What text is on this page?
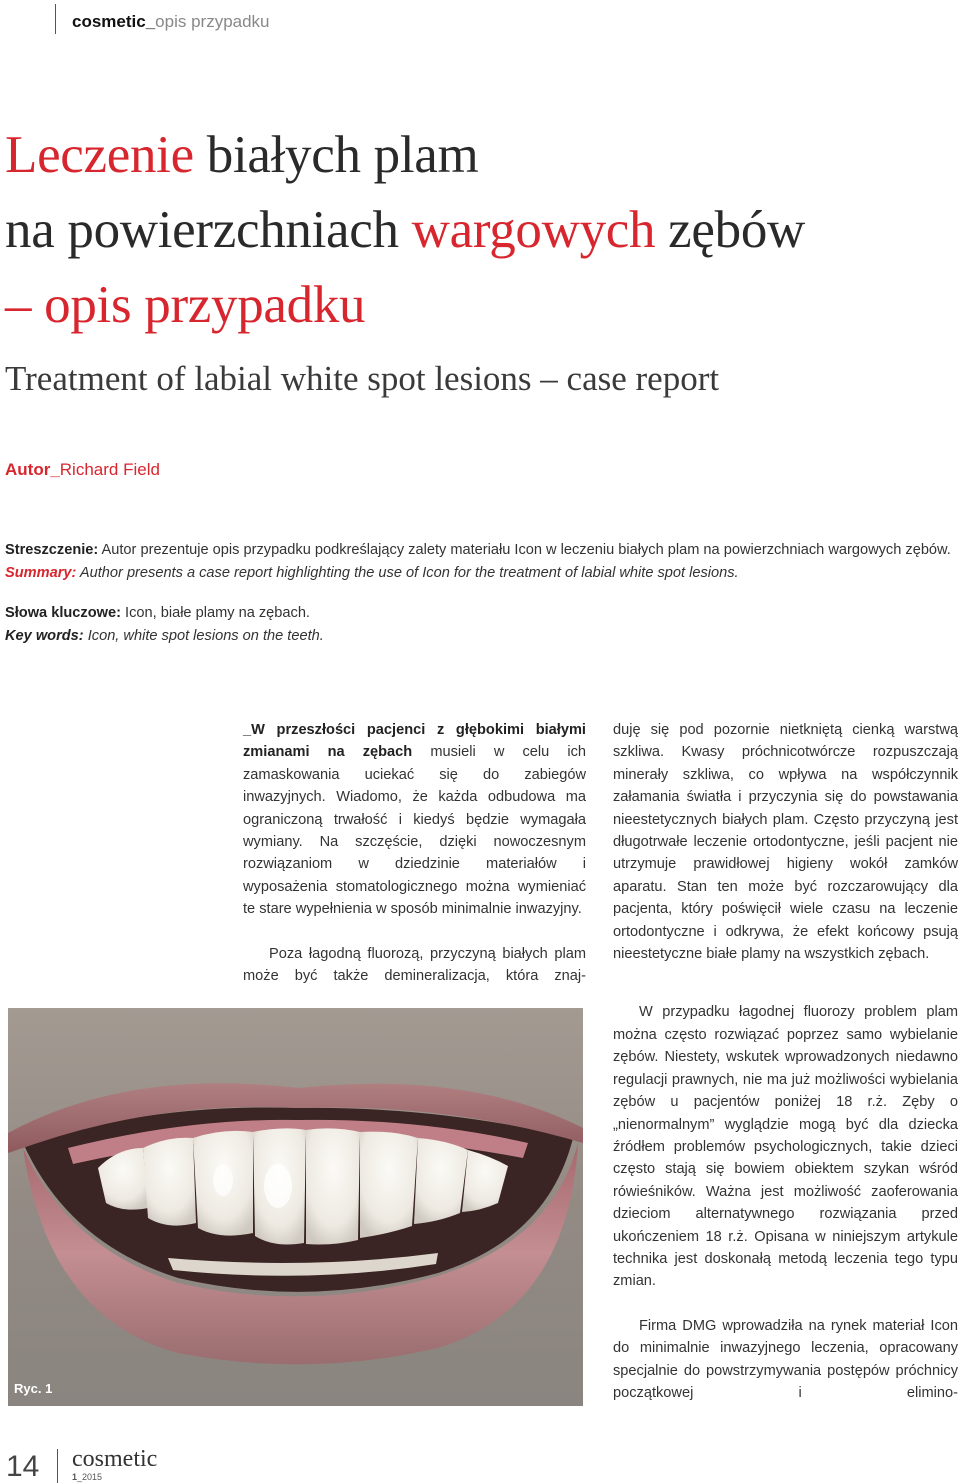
cosmetic_opis przypadku
Leczenie białych plam
na powierzchniach wargowych zębów
– opis przypadku
Treatment of labial white spot lesions – case report
Autor_Richard Field

Streszczenie: Autor prezentuje opis przypadku podkreślający zalety materiału Icon w leczeniu białych plam na powierzchniach wargowych zębów.

Summary: Author presents a case report highlighting the use of Icon for the treatment of labial white spot lesions.

Słowa kluczowe: Icon, białe plamy na zębach.

Key words: Icon, white spot lesions on the teeth.

_W przeszłości pacjenci z głębokimi białymi zmianami na zębach musieli w celu ich zamaskowania uciekać się do zabiegów inwazyjnych. Wiadomo, że każda odbudowa ma ograniczoną trwałość i kiedyś będzie wymagała wymiany. Na szczęście, dzięki nowoczesnym rozwiązaniom w dziedzinie materiałów i wyposażenia stomatologicznego można wymieniać te stare wypełnienia w sposób minimalnie inwazyjny.

Poza łagodną fluorozą, przyczyną białych plam może być także demineralizacja, która znaj-

duję się pod pozornie nietkniętą cienką warstwą szkliwa. Kwasy próchnicotwórcze rozpuszczają minerały szkliwa, co wpływa na współczynnik załamania światła i przyczynia się do powstawania nieestetycznych białych plam. Często przyczyną jest długotrwałe leczenie ortodontyczne, jeśli pacjent nie utrzymuje prawidłowej higieny wokół zamków aparatu. Stan ten może być rozczarowujący dla pacjenta, który poświęcił wiele czasu na leczenie ortodontyczne i odkrywa, że efekt końcowy psują nieestetyczne białe plamy na wszystkich zębach.

W przypadku łagodnej fluorozy problem plam można często rozwiązać poprzez samo wybielanie zębów. Niestety, wskutek wprowadzonych niedawno regulacji prawnych, nie ma już możliwości wybielania zębów u pacjentów poniżej 18 r.ż. Zęby o „nienormalnym” wyglądzie mogą być dla dziecka źródłem problemów psychologicznych, takie dzieci często stają się bowiem obiektem szykan wśród rówieśników. Ważna jest możliwość zaoferowania dzieciom alternatywnego rozwiązania przed ukończeniem 18 r.ż. Opisana w niniejszym artykule technika jest doskonałą metodą leczenia tego typu zmian.

Firma DMG wprowadziła na rynek materiał Icon do minimalnie inwazyjnego leczenia, opracowany specjalnie do powstrzymywania postępów próchnicy początkowej i elimino-

Ryc. 1
14 cosmetic
1_2015
